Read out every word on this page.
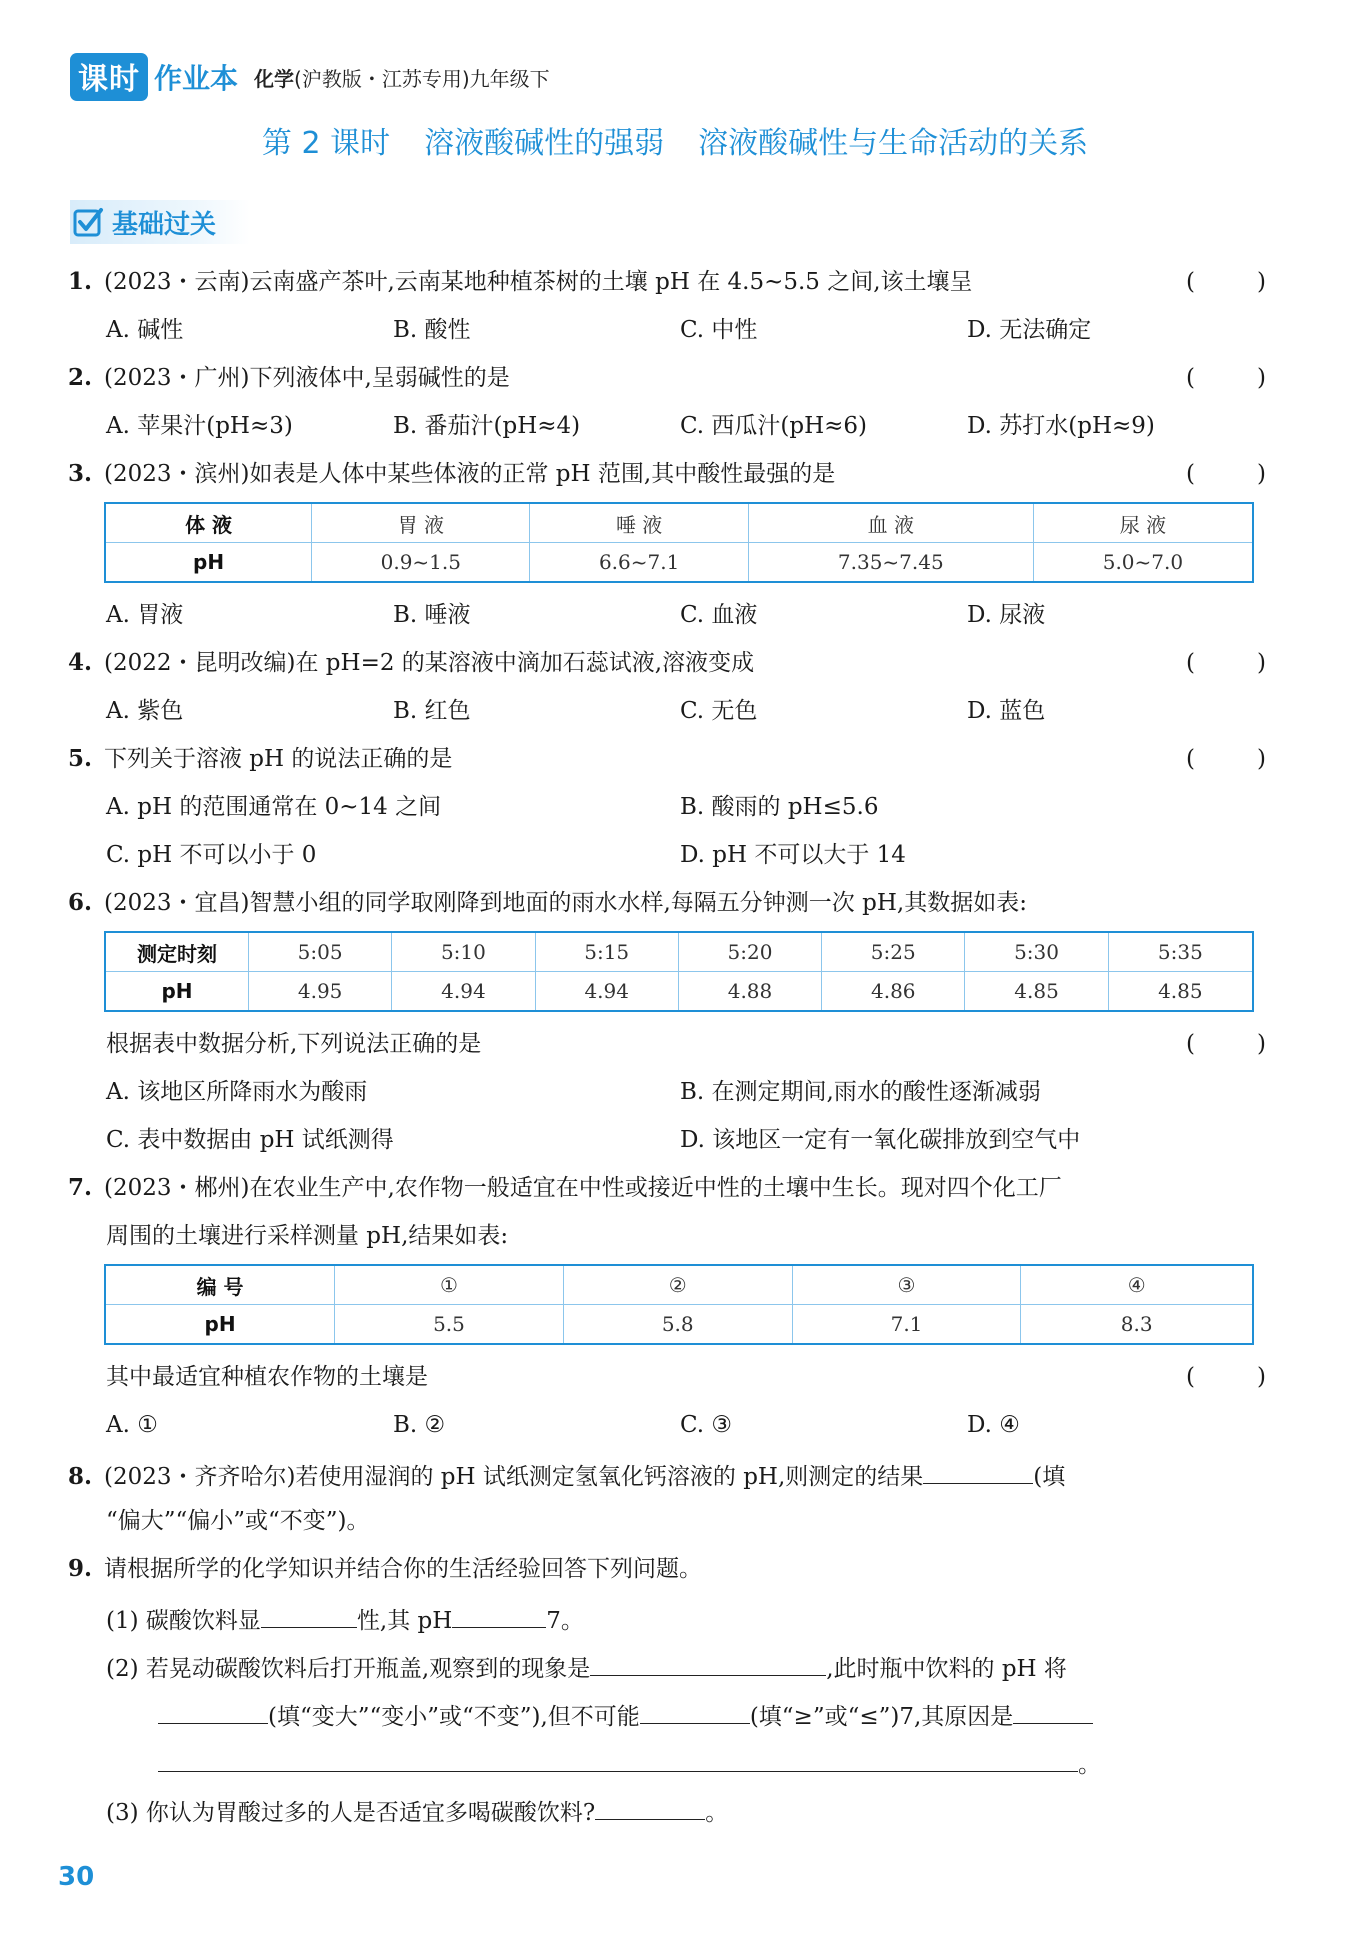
课时 作业本 化学(沪教版・江苏专用)九年级下
第 2 课时 溶液酸碱性的强弱 溶液酸碱性与生命活动的关系
基础过关
1. (2023・云南)云南盛产茶叶,云南某地种植茶树的土壤 pH 在 4.5~5.5 之间,该土壤呈	(	)
A. 碱性	B. 酸性	C. 中性	D. 无法确定
2. (2023・广州)下列液体中,呈弱碱性的是	(	)
A. 苹果汁(pH≈3)	B. 番茄汁(pH≈4)	C. 西瓜汁(pH≈6)	D. 苏打水(pH≈9)
3. (2023・滨州)如表是人体中某些体液的正常 pH 范围,其中酸性最强的是	(	)
体 液	胃 液	唾 液	血 液	尿 液
pH	0.9~1.5	6.6~7.1	7.35~7.45	5.0~7.0
A. 胃液	B. 唾液	C. 血液	D. 尿液
4. (2022・昆明改编)在 pH=2 的某溶液中滴加石蕊试液,溶液变成	(	)
A. 紫色	B. 红色	C. 无色	D. 蓝色
5. 下列关于溶液 pH 的说法正确的是	(	)
A. pH 的范围通常在 0~14 之间	B. 酸雨的 pH≤5.6
C. pH 不可以小于 0	D. pH 不可以大于 14
6. (2023・宜昌)智慧小组的同学取刚降到地面的雨水水样,每隔五分钟测一次 pH,其数据如表:
测定时刻	5:05	5:10	5:15	5:20	5:25	5:30	5:35
pH	4.95	4.94	4.94	4.88	4.86	4.85	4.85
根据表中数据分析,下列说法正确的是	(	)
A. 该地区所降雨水为酸雨	B. 在测定期间,雨水的酸性逐渐减弱
C. 表中数据由 pH 试纸测得	D. 该地区一定有一氧化碳排放到空气中
7. (2023・郴州)在农业生产中,农作物一般适宜在中性或接近中性的土壤中生长。现对四个化工厂
周围的土壤进行采样测量 pH,结果如表:
编 号	①	②	③	④
pH	5.5	5.8	7.1	8.3
其中最适宜种植农作物的土壤是	(	)
A. ①	B. ②	C. ③	D. ④
8. (2023・齐齐哈尔)若使用湿润的 pH 试纸测定氢氧化钙溶液的 pH,则测定的结果	(填
“偏大”“偏小”或“不变”)。
9. 请根据所学的化学知识并结合你的生活经验回答下列问题。
(1) 碳酸饮料显	性,其 pH	7。
(2) 若晃动碳酸饮料后打开瓶盖,观察到的现象是	,此时瓶中饮料的 pH 将
(填“变大”“变小”或“不变”),但不可能	(填“≥”或“≤”)7,其原因是
。
(3) 你认为胃酸过多的人是否适宜多喝碳酸饮料?	。
30
